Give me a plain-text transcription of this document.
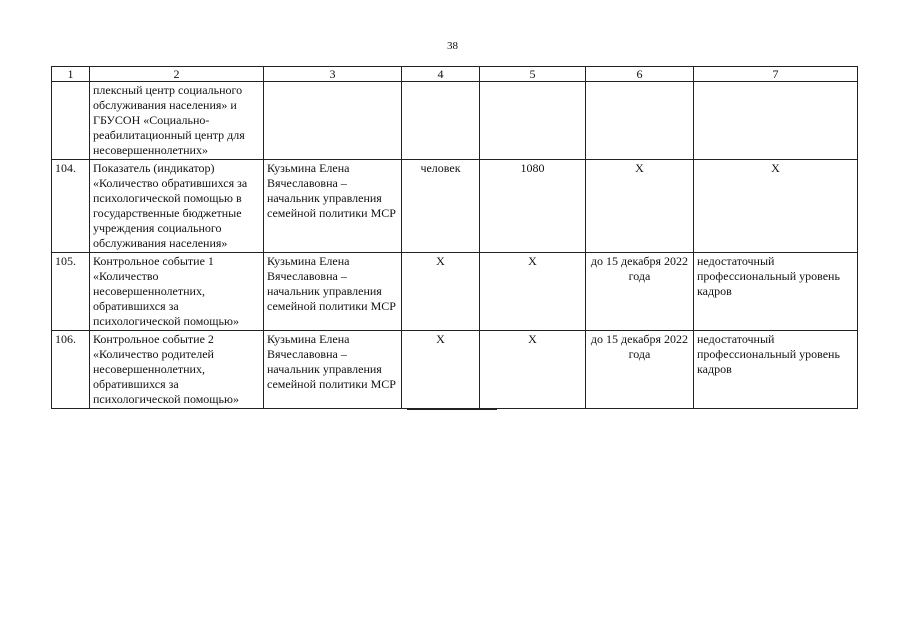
38
1	2	3	4	5	6	7
	плексный центр социального обслуживания населения» и ГБУСОН «Социально-реабилитационный центр для несовершеннолетних»					
104.	Показатель (индикатор) «Количество обратившихся за психологической помощью в государственные бюджетные учреждения социального обслуживания населения»	Кузьмина Елена Вячеславовна – начальник управления семейной политики МСР	человек	1080	Х	Х
105.	Контрольное событие 1 «Количество несовершеннолетних, обратившихся за психологической помощью»	Кузьмина Елена Вячеславовна – начальник управления семейной политики МСР	Х	Х	до 15 декабря 2022 года	недостаточный профессиональный уровень кадров
106.	Контрольное событие 2 «Количество родителей несовершеннолетних, обратившихся за психологической помощью»	Кузьмина Елена Вячеславовна – начальник управления семейной политики МСР	Х	Х	до 15 декабря 2022 года	недостаточный профессиональный уровень кадров
